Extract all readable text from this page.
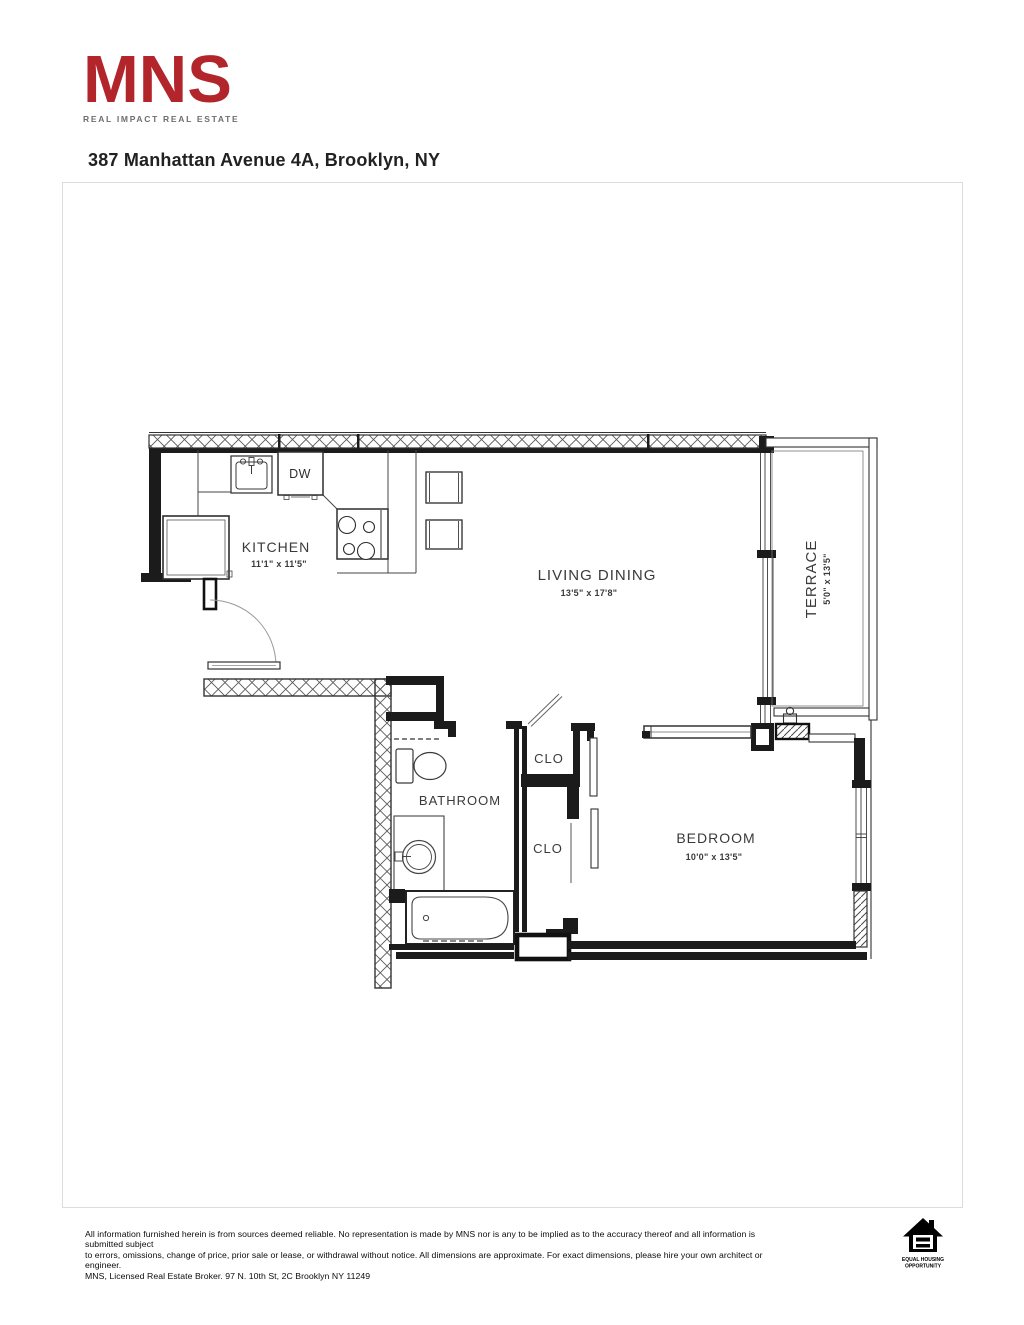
MNS
REAL IMPACT REAL ESTATE
387 Manhattan Avenue 4A, Brooklyn, NY
DW
KITCHEN
11'1" x 11'5"
LIVING DINING
13'5" x 17'8"	TERRACE 5'0" x 13'5"
BATHROOM
CLO
CLO
BEDROOM
10'0" x 13'5"

All information furnished herein is from sources deemed reliable. No representation is made by MNS nor is any to be implied as to the accuracy thereof and all information is submitted subject

to errors, omissions, change of price, prior sale or lease, or withdrawal without notice. All dimensions are approximate. For exact dimensions, please hire your own architect or engineer.

MNS, Licensed Real Estate Broker. 97 N. 10th St, 2C Brooklyn NY 11249

EQUAL HOUSING
OPPORTUNITY
